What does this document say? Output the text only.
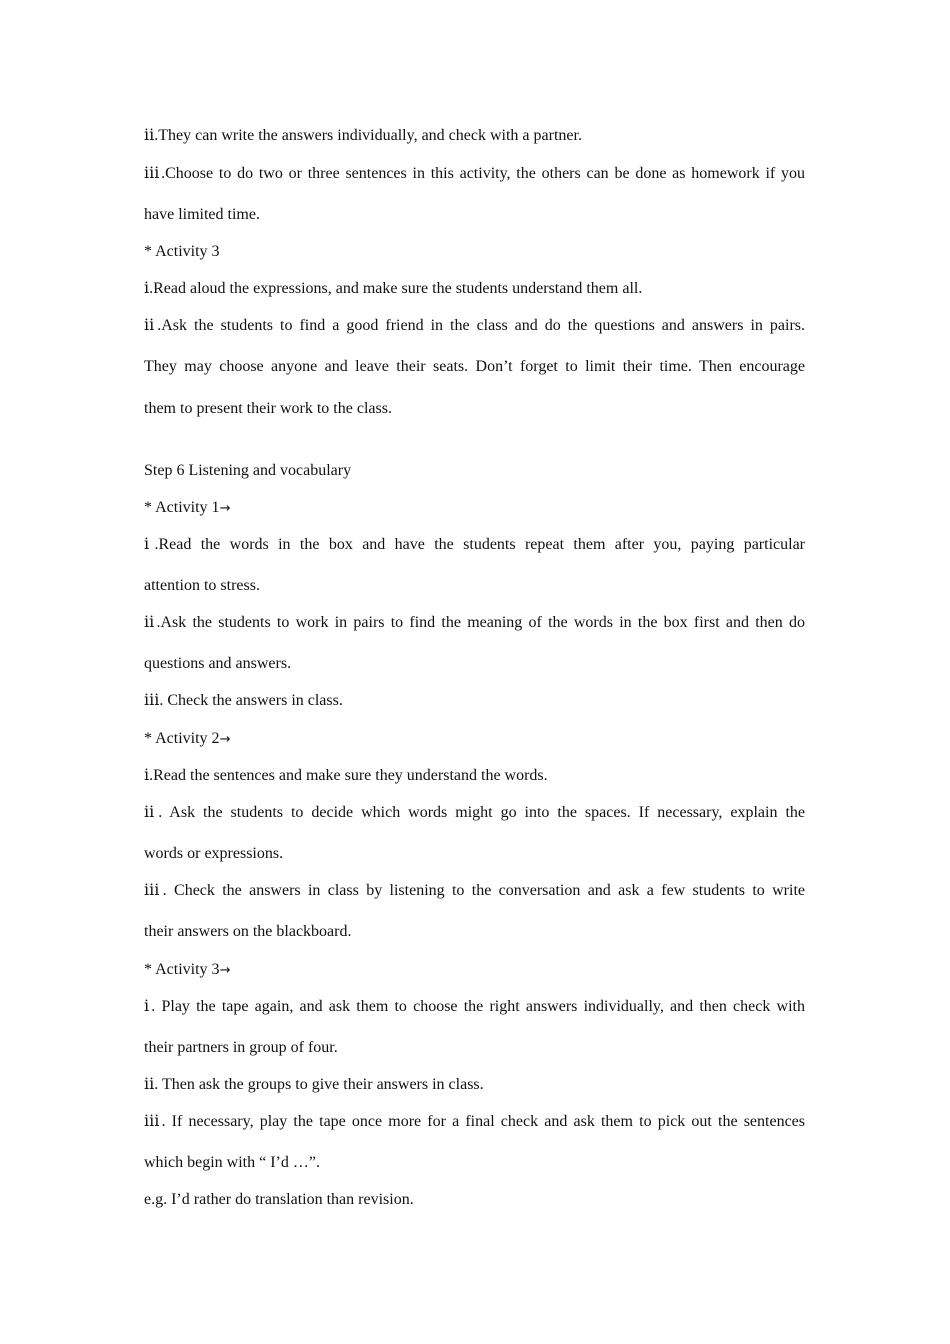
ⅱ.They can write the answers individually, and check with a partner.
ⅲ.Choose to do two or three sentences in this activity, the others can be done as homework if you
have limited time.
* Activity 3
ⅰ.Read aloud the expressions, and make sure the students understand them all.
ⅱ.Ask the students to find a good friend in the class and do the questions and answers in pairs.
They may choose anyone and leave their seats. Don’t forget to limit their time. Then encourage
them to present their work to the class.
Step 6 Listening and vocabulary
* Activity 1→
ⅰ.Read the words in the box and have the students repeat them after you, paying particular
attention to stress.
ⅱ.Ask the students to work in pairs to find the meaning of the words in the box first and then do
questions and answers.
ⅲ. Check the answers in class.
* Activity 2→
ⅰ.Read the sentences and make sure they understand the words.
ⅱ. Ask the students to decide which words might go into the spaces. If necessary, explain the
words or expressions.
ⅲ. Check the answers in class by listening to the conversation and ask a few students to write
their answers on the blackboard.
* Activity 3→
ⅰ. Play the tape again, and ask them to choose the right answers individually, and then check with
their partners in group of four.
ⅱ. Then ask the groups to give their answers in class.
ⅲ. If necessary, play the tape once more for a final check and ask them to pick out the sentences
which begin with “ I’d …”.
e.g. I’d rather do translation than revision.
